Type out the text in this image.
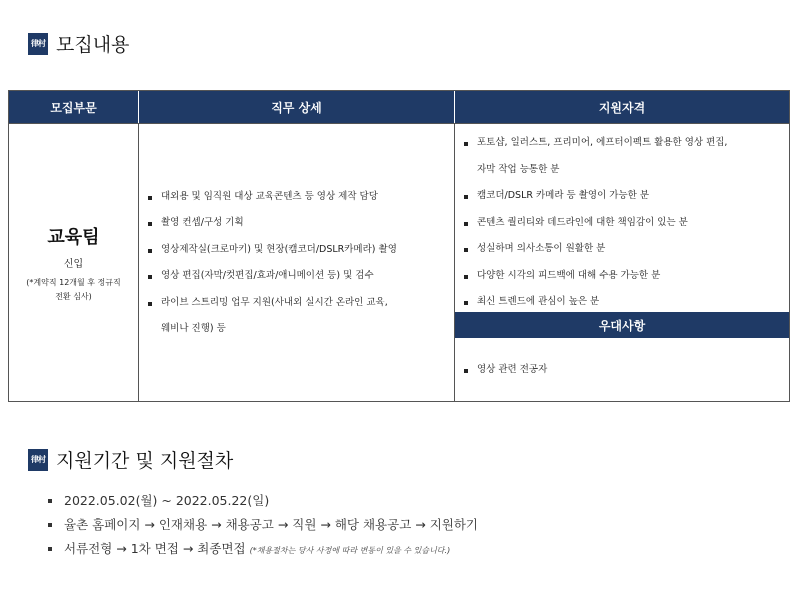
律村 모집내용
모집부문	직무 상세	지원자격
교육팀
신입
(*계약직 12개월 후 정규직
전환 심사)
대외용 및 임직원 대상 교육콘텐츠 등 영상 제작 담당
촬영 컨셉/구성 기획
영상제작실(크로마키) 및 현장(캠코더/DSLR카메라) 촬영
영상 편집(자막/컷편집/효과/애니메이션 등) 및 검수
라이브 스트리밍 업무 지원(사내외 실시간 온라인 교육,
웨비나 진행) 등
포토샵, 일러스트, 프리미어, 에프터이펙트 활용한 영상 편집,
자막 작업 능통한 분
캠코더/DSLR 카메라 등 촬영이 가능한 분
콘텐츠 퀄리티와 데드라인에 대한 책임감이 있는 분
성실하며 의사소통이 원활한 분
다양한 시각의 피드백에 대해 수용 가능한 분
최신 트렌드에 관심이 높은 분
우대사항
영상 관련 전공자
律村 지원기간 및 지원절차
2022.05.02(월) ~ 2022.05.22(일)
율촌 홈페이지 → 인재채용 → 채용공고 → 직원 → 해당 채용공고 → 지원하기
서류전형 → 1차 면접 → 최종면접 (*채용절차는 당사 사정에 따라 변동이 있을 수 있습니다.)
